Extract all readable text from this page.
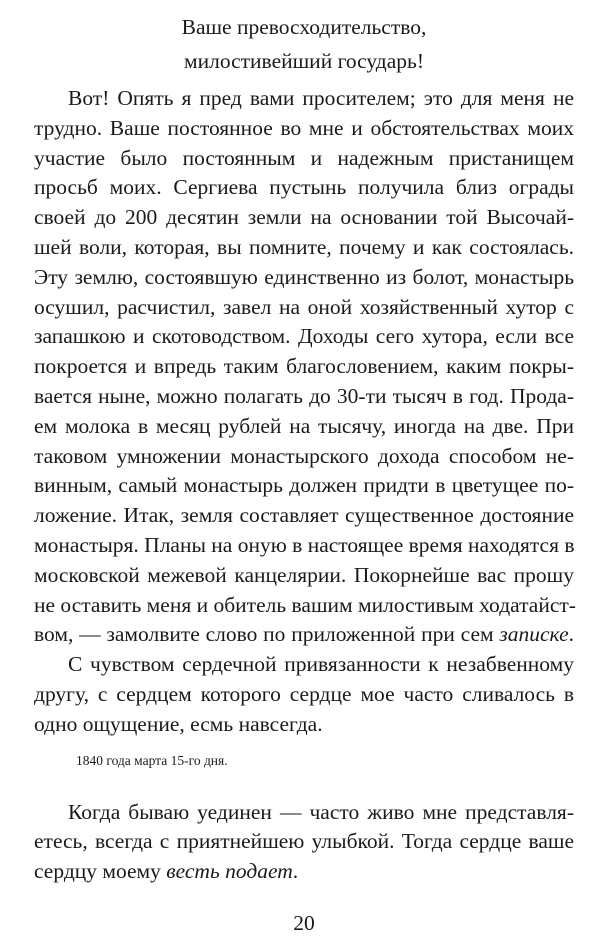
Ваше превосходительство,
милостивейший государь!
Вот! Опять я пред вами просителем; это для меня не
трудно. Ваше постоянное во мне и обстоятельствах моих
участие было постоянным и надежным пристанищем
просьб моих. Сергиева пустынь получила близ ограды
своей до 200 десятин земли на основании той Высочай-
шей воли, которая, вы помните, почему и как состоялась.
Эту землю, состоявшую единственно из болот, монастырь
осушил, расчистил, завел на оной хозяйственный хутор с
запашкою и скотоводством. Доходы сего хутора, если все
покроется и впредь таким благословением, каким покры-
вается ныне, можно полагать до 30-ти тысяч в год. Прода-
ем молока в месяц рублей на тысячу, иногда на две. При
таковом умножении монастырского дохода способом не-
винным, самый монастырь должен придти в цветущее по-
ложение. Итак, земля составляет существенное достояние
монастыря. Планы на оную в настоящее время находятся в
московской межевой канцелярии. Покорнейше вас прошу
не оставить меня и обитель вашим милостивым ходатайст-
вом, — замолвите слово по приложенной при сем записке.
С чувством сердечной привязанности к незабвенному
другу, с сердцем которого сердце мое часто сливалось в
одно ощущение, есмь навсегда.
1840 года марта 15-го дня.
Когда бываю уединен — часто живо мне представля-
етесь, всегда с приятнейшею улыбкой. Тогда сердце ваше
сердцу моему весть подает.
20
